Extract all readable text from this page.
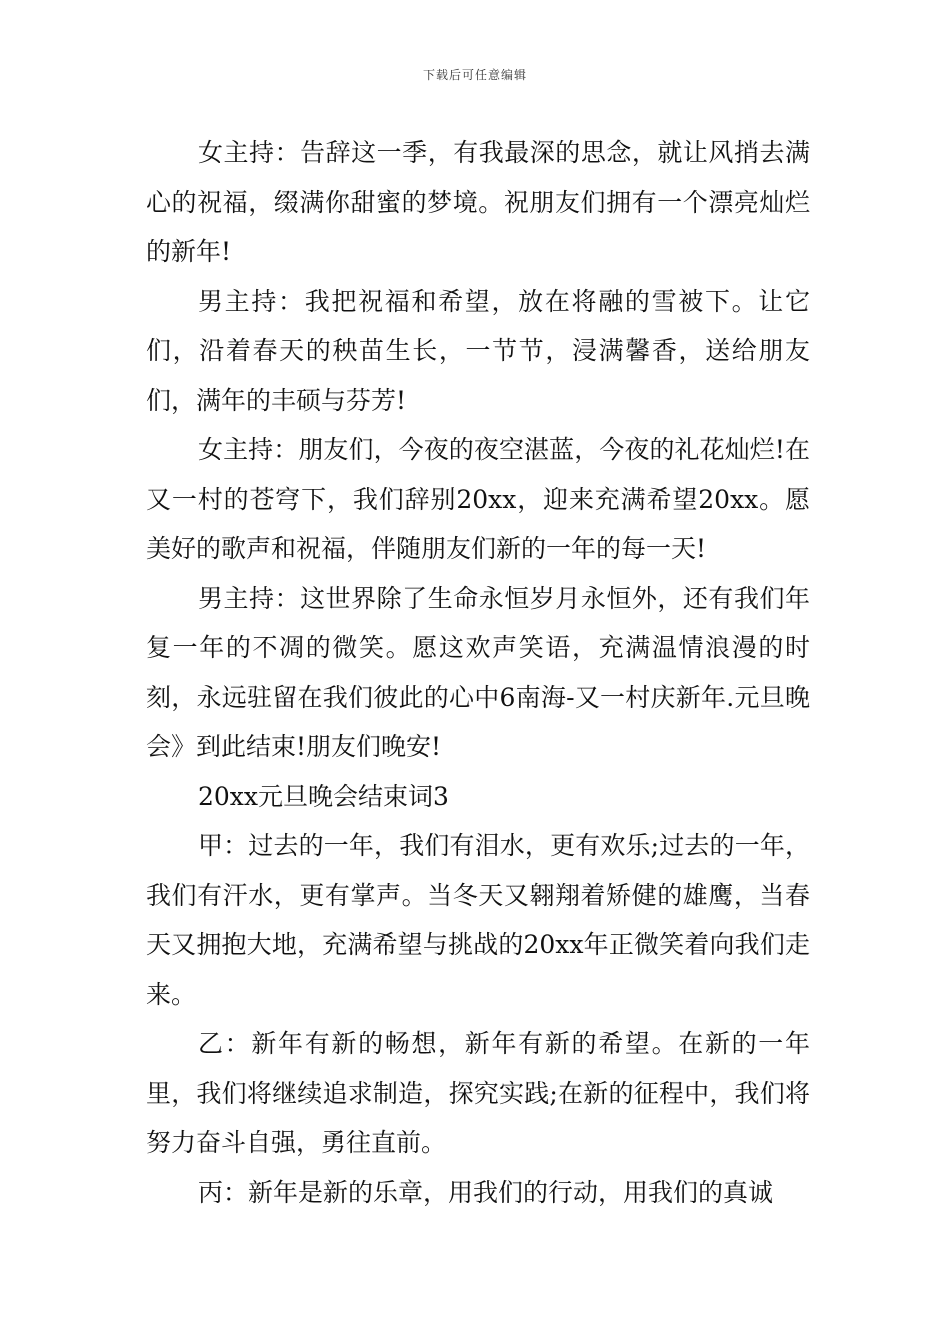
下载后可任意编辑

女主持：告辞这一季，有我最深的思念，就让风捎去满心的祝福，缀满你甜蜜的梦境。祝朋友们拥有一个漂亮灿烂的新年!

男主持：我把祝福和希望，放在将融的雪被下。让它们，沿着春天的秧苗生长，一节节，浸满馨香，送给朋友们，满年的丰硕与芬芳!

女主持：朋友们，今夜的夜空湛蓝，今夜的礼花灿烂!在又一村的苍穹下，我们辞别20xx，迎来充满希望20xx。愿美好的歌声和祝福，伴随朋友们新的一年的每一天!

男主持：这世界除了生命永恒岁月永恒外，还有我们年复一年的不凋的微笑。愿这欢声笑语，充满温情浪漫的时刻，永远驻留在我们彼此的心中6南海-又一村庆新年.元旦晚会》到此结束!朋友们晚安!

20xx元旦晚会结束词3

甲：过去的一年，我们有泪水，更有欢乐;过去的一年，我们有汗水，更有掌声。当冬天又翱翔着矫健的雄鹰，当春天又拥抱大地，充满希望与挑战的20xx年正微笑着向我们走来。

乙：新年有新的畅想，新年有新的希望。在新的一年里，我们将继续追求制造，探究实践;在新的征程中，我们将努力奋斗自强，勇往直前。

丙：新年是新的乐章，用我们的行动，用我们的真诚
